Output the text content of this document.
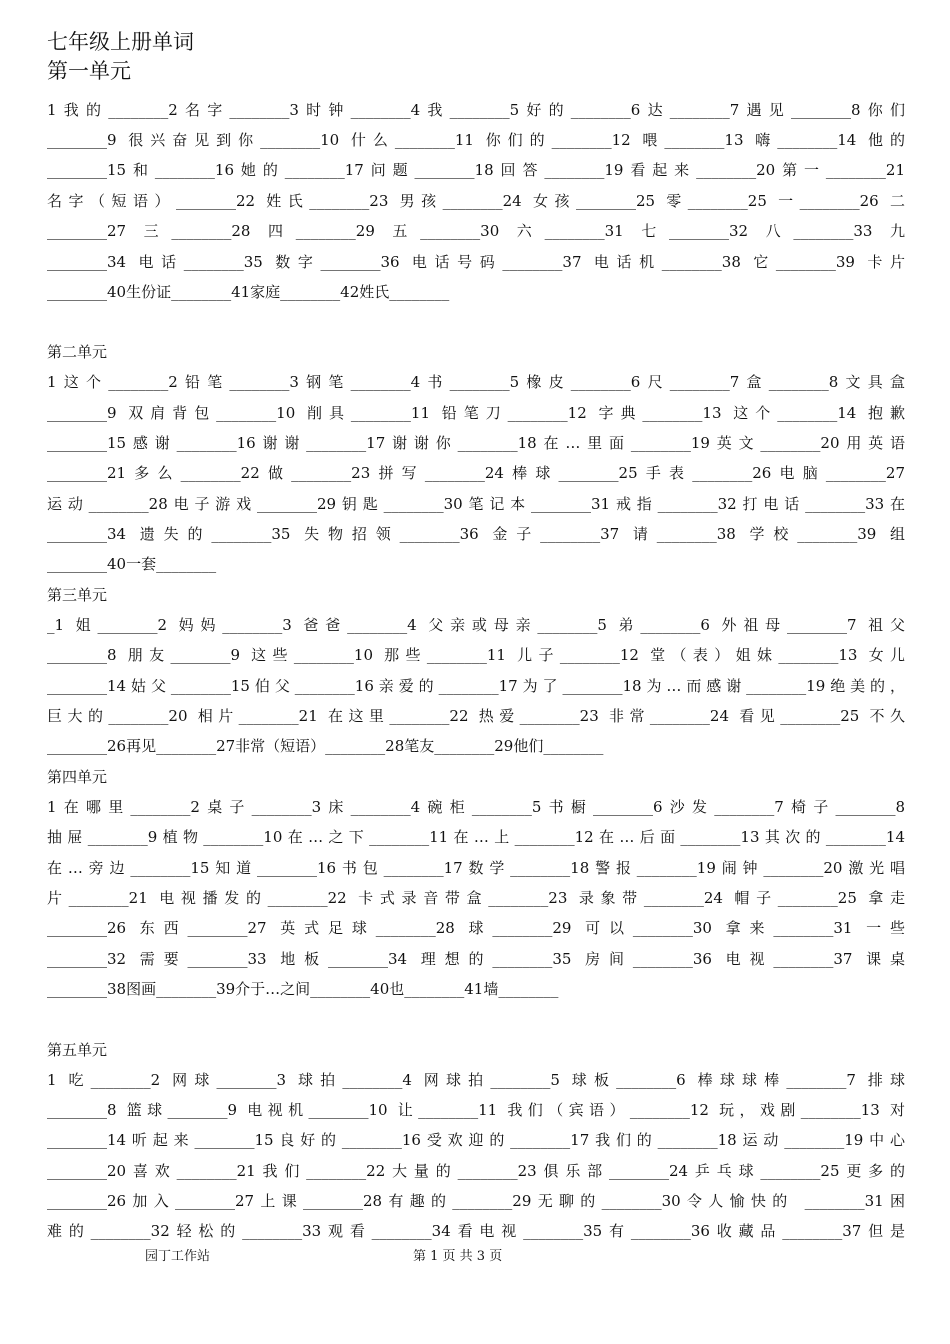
七年级上册单词
第一单元
1我的________2名字________3时钟________4我________5好的________6达________7遇见________8你们
________9 很兴奋见到你________10 什么________11 你们的________12 喂________13 嗨________14 他的
________15和________16她的________17问题________18回答________19看起来________20第一________21
名字（短语）________22 姓氏________23 男孩________24 女孩________25 零________25 一________26 二
________27 三________28 四________29 五________30 六________31 七________32 八________33 九
________34 电话________35 数字________36 电话号码________37 电话机________38 它________39 卡片
________40生份证________41家庭________42姓氏________
第二单元
1这个________2铅笔________3钢笔________4书________5橡皮________6尺________7盒________8文具盒
________9 双肩背包________10 削具________11 铅笔刀________12 字典________13 这个________14 抱歉
________15感谢________16谢谢________17谢谢你________18在…里面________19英文________20用英语
________21多么________22做________23拼写________24棒球________25手表________26电脑________27
运动________28电子游戏________29钥匙________30笔记本________31戒指________32打电话________33在
________34 遗失的________35 失物招领________36 金子________37 请________38 学校________39 组
________40一套________
第三单元
_1 姐________2 妈妈________3 爸爸________4 父亲或母亲________5 弟________6 外祖母________7 祖父
________8 朋友________9 这些________10 那些________11 儿子________12 堂（表）姐妹________13 女儿
________14姑父________15伯父________16亲爱的________17为了________18为…而感谢________19绝美的，
巨大的________20 相片________21 在这里________22 热爱________23 非常________24 看见________25 不久
________26再见________27非常（短语）________28笔友________29他们________
第四单元
1在哪里________2桌子________3床________4碗柜________5书橱________6沙发________7椅子________8
抽屉________9植物________10在…之下________11在…上________12在…后面________13其次的________14
在…旁边________15知道________16书包________17数学________18警报________19闹钟________20激光唱
片________21 电视播发的________22 卡式录音带盒________23 录象带________24 帽子________25 拿走
________26 东西________27 英式足球________28 球________29 可以________30 拿来________31 一些
________32 需要________33 地板________34 理想的________35 房间________36 电视________37 课桌
________38图画________39介于…之间________40也________41墙________
第五单元
1 吃________2 网球________3 球拍________4 网球拍________5 球板________6 棒球球棒________7 排球
________8 篮球________9 电视机________10 让________11 我们（宾语）________12 玩，戏剧________13 对
________14听起来________15良好的________16受欢迎的________17我们的________18运动________19中心
________20喜欢________21我们________22大量的________23俱乐部________24乒乓球________25更多的
________26加入________27上课________28有趣的________29无聊的________30令人愉快的 ________31困
难的________32轻松的________33观看________34看电视________35有________36收藏品________37但是
园丁工作站	第 1 页 共 3 页
